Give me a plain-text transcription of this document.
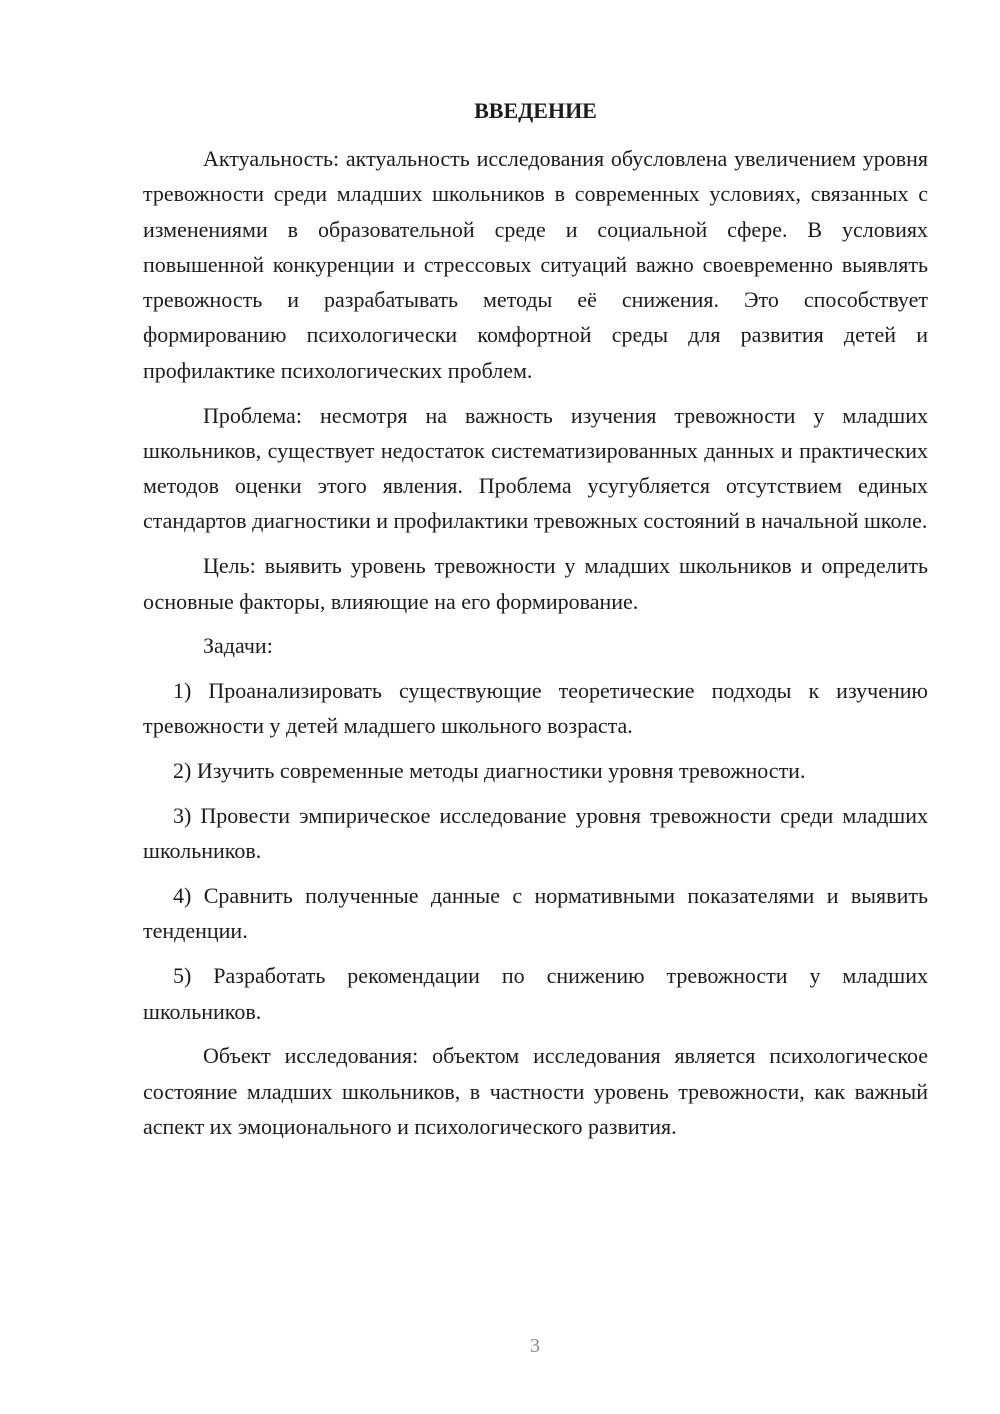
ВВЕДЕНИЕ

Актуальность: актуальность исследования обусловлена увеличением уровня тревожности среди младших школьников в современных условиях, связанных с изменениями в образовательной среде и социальной сфере. В условиях повышенной конкуренции и стрессовых ситуаций важно своевременно выявлять тревожность и разрабатывать методы её снижения. Это способствует формированию психологически комфортной среды для развития детей и профилактике психологических проблем.

Проблема: несмотря на важность изучения тревожности у младших школьников, существует недостаток систематизированных данных и практических методов оценки этого явления. Проблема усугубляется отсутствием единых стандартов диагностики и профилактики тревожных состояний в начальной школе.

Цель: выявить уровень тревожности у младших школьников и определить основные факторы, влияющие на его формирование.

Задачи:

1) Проанализировать существующие теоретические подходы к изучению тревожности у детей младшего школьного возраста.

2) Изучить современные методы диагностики уровня тревожности.

3) Провести эмпирическое исследование уровня тревожности среди младших школьников.

4) Сравнить полученные данные с нормативными показателями и выявить тенденции.

5) Разработать рекомендации по снижению тревожности у младших школьников.

Объект исследования: объектом исследования является психологическое состояние младших школьников, в частности уровень тревожности, как важный аспект их эмоционального и психологического развития.

3
